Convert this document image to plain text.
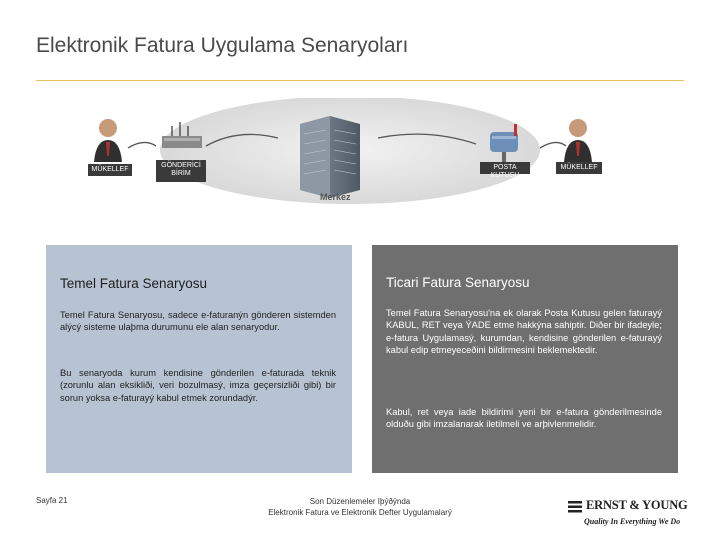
Elektronik Fatura Uygulama Senaryoları
MÜKELLEF
GÖNDERİCİ BİRİM
Merkez
POSTA KUTUSU
MÜKELLEF
Temel Fatura Senaryosu

Temel Fatura Senaryosu, sadece e-faturanýn gönderen sistemden alýcý sisteme ulaþma durumunu ele alan senaryodur.

Bu senaryoda kurum kendisine gönderilen e-faturada teknik (zorunlu alan eksikliði, veri bozulmasý, imza geçersizliði gibi) bir sorun yoksa e-faturayý kabul etmek zorundadýr.

Ticari Fatura Senaryosu

Temel Fatura Senaryosu'na ek olarak Posta Kutusu gelen faturayý KABUL, RET veya ÝADE etme hakkýna sahiptir. Diðer bir ifadeyle; e-fatura Uygulamasý, kurumdan, kendisine gönderilen e-faturayý kabul edip etmeyeceðini bildirmesini beklemektedir.

Kabul, ret veya iade bildirimi yeni bir e-fatura gönderilmesinde olduðu gibi imzalanarak iletilmeli ve arþivlenmelidir.

Sayfa 21	Son Düzenlemeler Iþýðýnda
Elektronik Fatura ve Elektronik Defter Uygulamalarý
ERNST & YOUNG
Quality In Everything We Do
